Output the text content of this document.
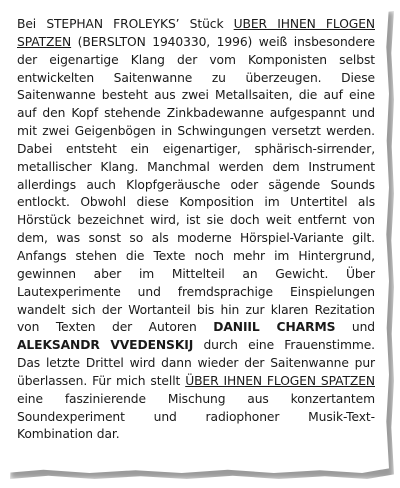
Bei STEPHAN FROLEYKS’ Stück UBER IHNEN FLOGEN SPATZEN (BERSLTON 1940330, 1996) weiß insbesondere der eigenartige Klang der vom Komponisten selbst entwickelten Saitenwanne zu überzeugen. Diese Saitenwanne besteht aus zwei Metallsaiten, die auf eine auf den Kopf stehende Zinkbadewanne aufgespannt und mit zwei Geigenbögen in Schwingungen versetzt werden. Dabei entsteht ein eigenartiger, sphärisch-sirrender, metallischer Klang. Manchmal werden dem Instrument allerdings auch Klopfgeräusche oder sägende Sounds entlockt. Obwohl diese Komposition im Untertitel als Hörstück bezeichnet wird, ist sie doch weit entfernt von dem, was sonst so als moderne Hörspiel-Variante gilt. Anfangs stehen die Texte noch mehr im Hintergrund, gewinnen aber im Mittelteil an Gewicht. Über Lautexperimente und fremdsprachige Einspielungen wandelt sich der Wortanteil bis hin zur klaren Rezitation von Texten der Autoren DANIIL CHARMS und ALEKSANDR VVEDENSKIJ durch eine Frauenstimme. Das letzte Drittel wird dann wieder der Saitenwanne pur überlassen. Für mich stellt ÜBER IHNEN FLOGEN SPATZEN eine faszinierende Mischung aus konzertantem Soundexperiment und radiophoner Musik-Text-Kombination dar.
